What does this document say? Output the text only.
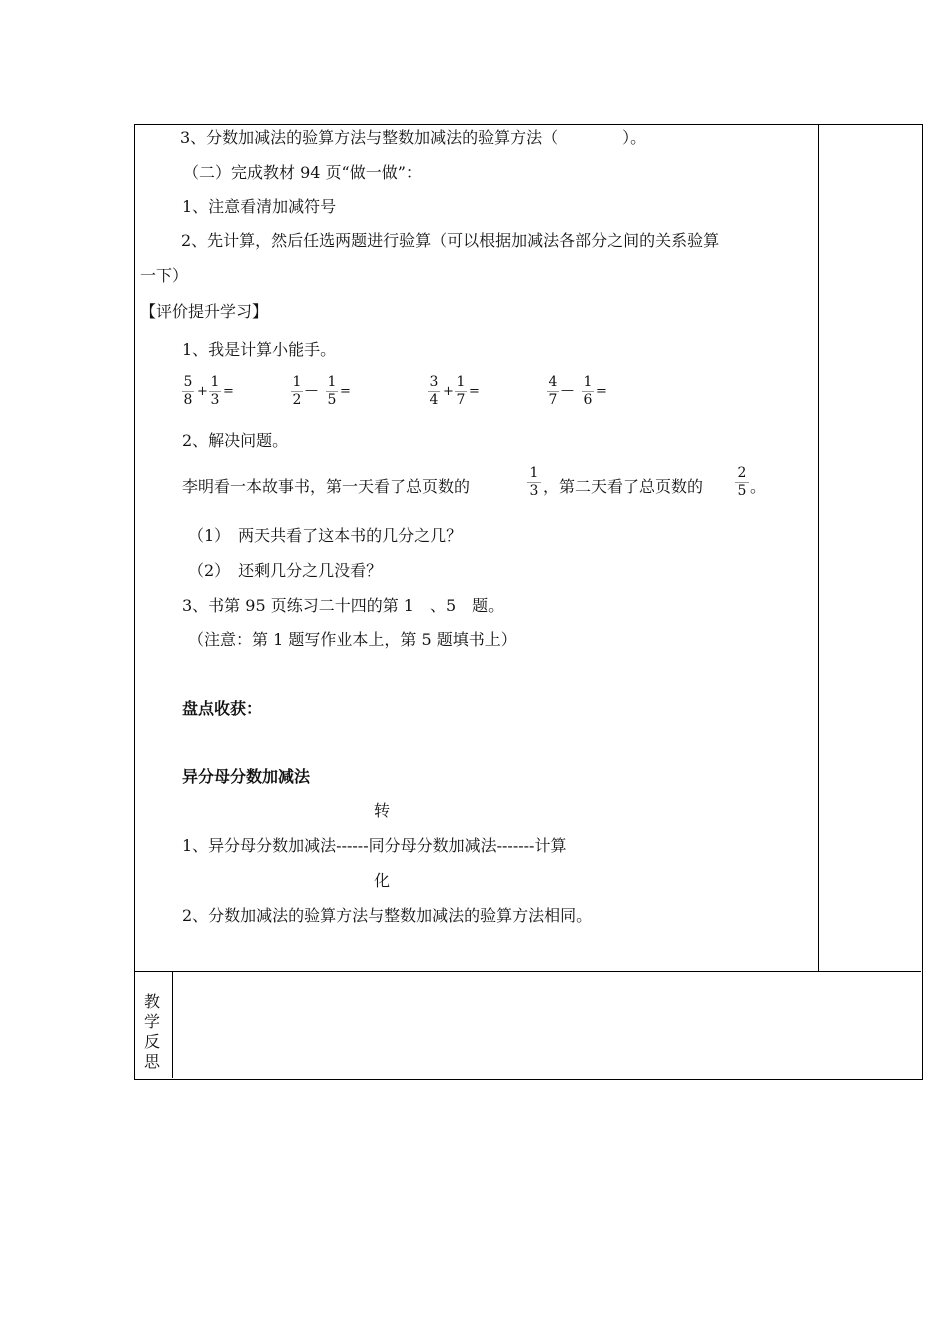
3、分数加减法的验算方法与整数加减法的验算方法（　　　　）。
（二）完成教材 94 页“做一做”：
1、注意看清加减符号
2、先计算，然后任选两题进行验算（可以根据加减法各部分之间的关系验算
一下）
【评价提升学习】
1、我是计算小能手。
5
8
+
1
3
=
1
2
—
1
5
=
3
4
+
1
7
=
4
7
—
1
6
=
2、解决问题。
李明看一本故事书，第一天看了总页数的
1
3 ，第二天看了总页数的
2
5 。
（1）　两天共看了这本书的几分之几？
（2）　还剩几分之几没看？
3、书第 95 页练习二十四的第 1　、5　题。
（注意：第 1 题写作业本上，第 5 题填书上）
盘点收获：
异分母分数加减法
转
1、异分母分数加减法------同分母分数加减法-------计算
化
2、分数加减法的验算方法与整数加减法的验算方法相同。
教
学
反
思
